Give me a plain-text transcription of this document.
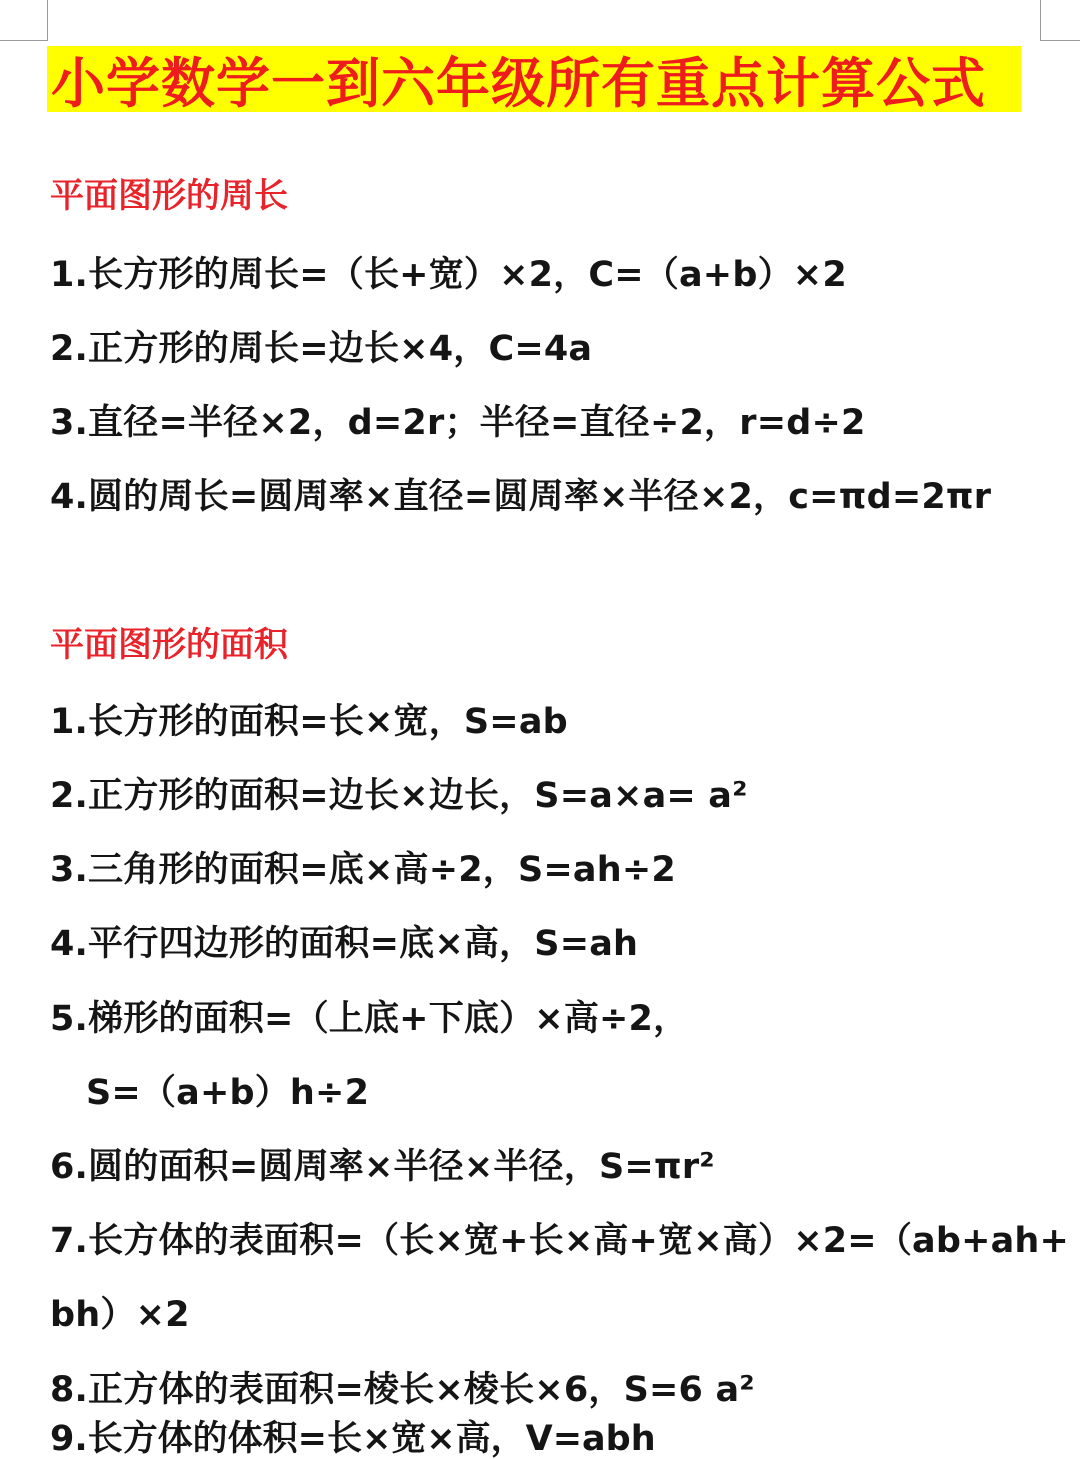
小学数学一到六年级所有重点计算公式
平面图形的周长
1.长方形的周长=（长+宽）×2，C=（a+b）×2
2.正方形的周长=边长×4，C=4a
3.直径=半径×2，d=2r；半径=直径÷2，r=d÷2
4.圆的周长=圆周率×直径=圆周率×半径×2，c=πd=2πr
平面图形的面积
1.长方形的面积=长×宽，S=ab
2.正方形的面积=边长×边长，S=a×a= a²
3.三角形的面积=底×高÷2，S=ah÷2
4.平行四边形的面积=底×高，S=ah
5.梯形的面积=（上底+下底）×高÷2，
S=（a+b）h÷2
6.圆的面积=圆周率×半径×半径，S=πr²
7.长方体的表面积=（长×宽+长×高+宽×高）×2=（ab+ah+
bh）×2
8.正方体的表面积=棱长×棱长×6，S=6 a²
9.长方体的体积=长×宽×高，V=abh
